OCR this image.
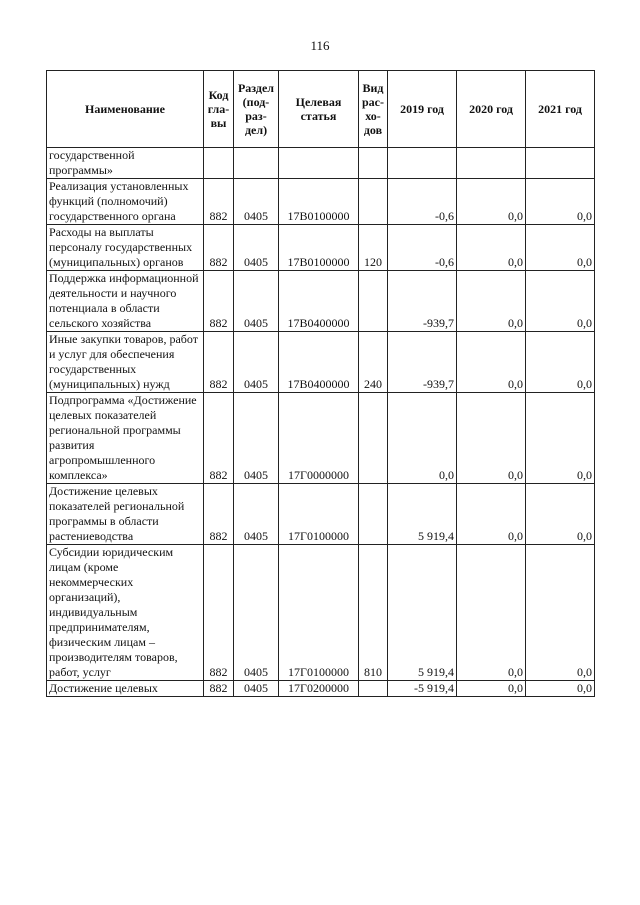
116
Наименование	Код гла-вы	Раздел (под-раз-дел)	Целевая статья	Вид рас-хо-дов	2019 год	2020 год	2021 год
государственной программы»							
Реализация установленных функций (полномочий) государственного органа	882	0405	17В0100000		-0,6	0,0	0,0
Расходы на выплаты персоналу государственных (муниципальных) органов	882	0405	17В0100000	120	-0,6	0,0	0,0
Поддержка информационной деятельности и научного потенциала в области сельского хозяйства	882	0405	17В0400000		-939,7	0,0	0,0
Иные закупки товаров, работ и услуг для обеспечения государственных (муниципальных) нужд	882	0405	17В0400000	240	-939,7	0,0	0,0
Подпрограмма «Достижение целевых показателей региональной программы развития агропромышленного комплекса»	882	0405	17Г0000000		0,0	0,0	0,0
Достижение целевых показателей региональной программы в области растениеводства	882	0405	17Г0100000		5 919,4	0,0	0,0
Субсидии юридическим лицам (кроме некоммерческих организаций), индивидуальным предпринимателям, физическим лицам – производителям товаров, работ, услуг	882	0405	17Г0100000	810	5 919,4	0,0	0,0
Достижение целевых	882	0405	17Г0200000		-5 919,4	0,0	0,0
